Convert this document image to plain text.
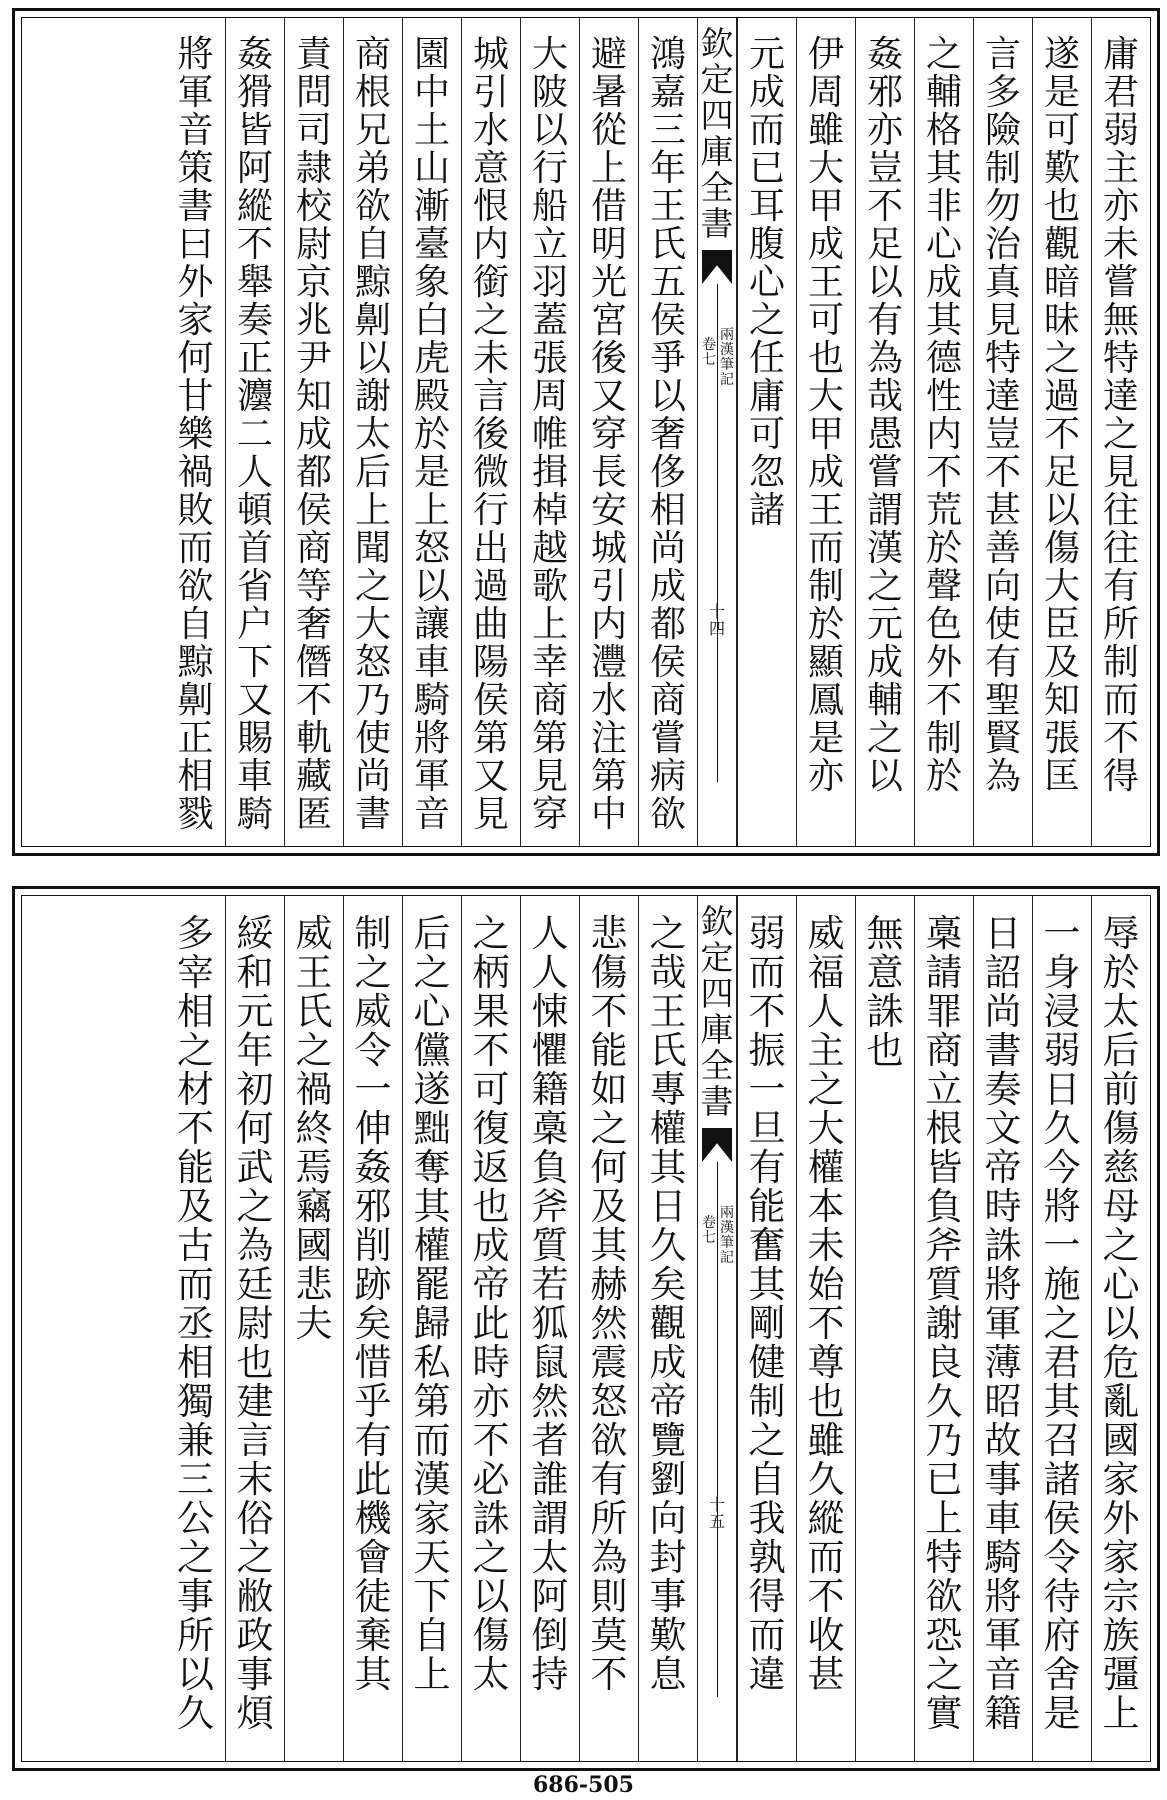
庸
君
弱
主
亦
未
嘗
無
特
達
之
見
往
往
有
所
制
而
不
得
遂
是
可
歎
也
觀
暗
昧
之
過
不
足
以
傷
大
臣
及
知
張
匡
言
多
險
制
勿
治
真
見
特
達
豈
不
甚
善
向
使
有
聖
賢
為
之
輔
格
其
非
心
成
其
德
性
内
不
荒
於
聲
色
外
不
制
於
姦
邪
亦
豈
不
足
以
有
為
哉
愚
嘗
謂
漢
之
元
成
輔
之
以
伊
周
雖
大
甲
成
王
可
也
大
甲
成
王
而
制
於
顯
鳳
是
亦
元
成
而
已
耳
腹
心
之
任
庸
可
忽
諸
欽
定
四
庫
全
書
兩
漢
筆
記
卷
七
十
四
鴻
嘉
三
年
王
氏
五
侯
爭
以
奢
侈
相
尚
成
都
侯
商
嘗
病
欲
避
暑
從
上
借
明
光
宮
後
又
穿
長
安
城
引
内
灃
水
注
第
中
大
陂
以
行
船
立
羽
蓋
張
周
帷
揖
棹
越
歌
上
幸
商
第
見
穿
城
引
水
意
恨
内
銜
之
未
言
後
微
行
出
過
曲
陽
侯
第
又
見
園
中
土
山
漸
臺
象
白
虎
殿
於
是
上
怒
以
讓
車
騎
將
軍
音
商
根
兄
弟
欲
自
黥
劓
以
謝
太
后
上
聞
之
大
怒
乃
使
尚
書
責
問
司
隷
校
尉
京
兆
尹
知
成
都
侯
商
等
奢
僭
不
軌
藏
匿
姦
猾
皆
阿
縱
不
舉
奏
正
灋
二
人
頓
首
省
户
下
又
賜
車
騎
將
軍
音
策
書
曰
外
家
何
甘
樂
禍
敗
而
欲
自
黥
劓
正
相
戮
辱
於
太
后
前
傷
慈
母
之
心
以
危
亂
國
家
外
家
宗
族
彊
上
一
身
浸
弱
日
久
今
將
一
施
之
君
其
召
諸
侯
令
待
府
舍
是
日
詔
尚
書
奏
文
帝
時
誅
將
軍
薄
昭
故
事
車
騎
將
軍
音
籍
槀
請
罪
商
立
根
皆
負
斧
質
謝
良
久
乃
已
上
特
欲
恐
之
實
無
意
誅
也
威
福
人
主
之
大
權
本
未
始
不
尊
也
雖
久
縱
而
不
收
甚
弱
而
不
振
一
旦
有
能
奮
其
剛
健
制
之
自
我
孰
得
而
違
欽
定
四
庫
全
書
兩
漢
筆
記
卷
七
十
五
之
哉
王
氏
專
權
其
日
久
矣
觀
成
帝
覽
劉
向
封
事
歎
息
悲
傷
不
能
如
之
何
及
其
赫
然
震
怒
欲
有
所
為
則
莫
不
人
人
悚
懼
籍
槀
負
斧
質
若
狐
鼠
然
者
誰
謂
太
阿
倒
持
之
柄
果
不
可
復
返
也
成
帝
此
時
亦
不
必
誅
之
以
傷
太
后
之
心
儻
遂
黜
奪
其
權
罷
歸
私
第
而
漢
家
天
下
自
上
制
之
威
令
一
伸
姦
邪
削
跡
矣
惜
乎
有
此
機
會
徒
棄
其
威
王
氏
之
禍
終
焉
竊
國
悲
夫
綏
和
元
年
初
何
武
之
為
廷
尉
也
建
言
末
俗
之
敝
政
事
煩
多
宰
相
之
材
不
能
及
古
而
丞
相
獨
兼
三
公
之
事
所
以
久
686-505
